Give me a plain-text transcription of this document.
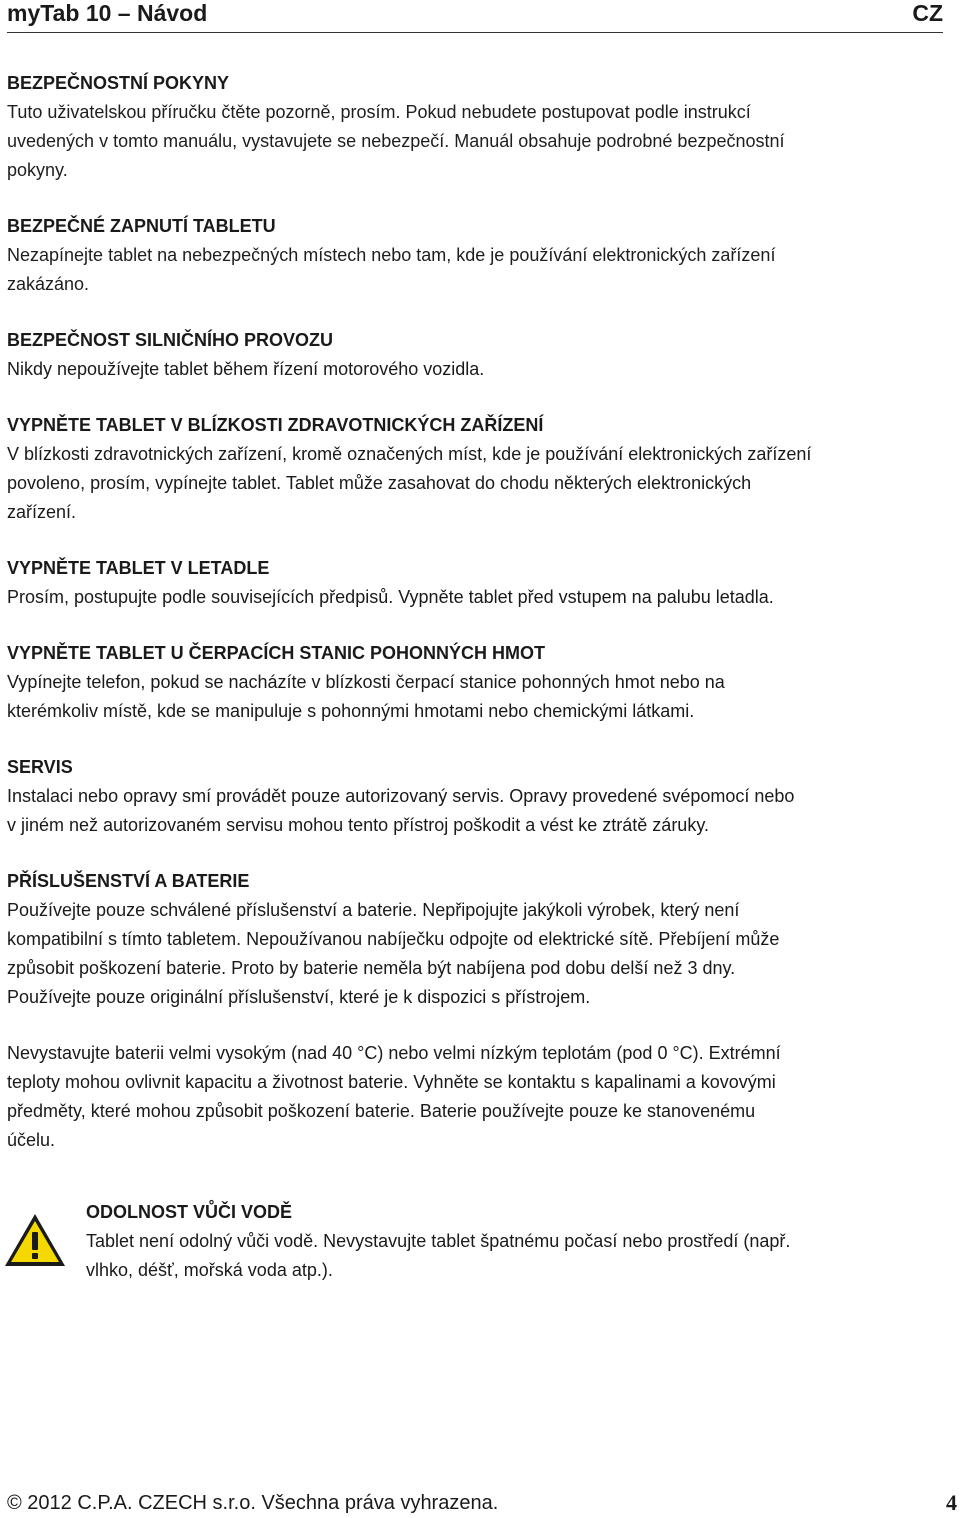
myTab 10 – Návod	CZ
BEZPEČNOSTNÍ POKYNY
Tuto uživatelskou příručku čtěte pozorně, prosím. Pokud nebudete postupovat podle instrukcí
uvedených v tomto manuálu, vystavujete se nebezpečí. Manuál obsahuje podrobné bezpečnostní
pokyny.
BEZPEČNÉ ZAPNUTÍ TABLETU
Nezapínejte tablet na nebezpečných místech nebo tam, kde je používání elektronických zařízení
zakázáno.
BEZPEČNOST SILNIČNÍHO PROVOZU
Nikdy nepoužívejte tablet během řízení motorového vozidla.
VYPNĚTE TABLET V BLÍZKOSTI ZDRAVOTNICKÝCH ZAŘÍZENÍ
V blízkosti zdravotnických zařízení, kromě označených míst, kde je používání elektronických zařízení
povoleno, prosím, vypínejte tablet. Tablet může zasahovat do chodu některých elektronických
zařízení.
VYPNĚTE TABLET V LETADLE
Prosím, postupujte podle souvisejících předpisů. Vypněte tablet před vstupem na palubu letadla.
VYPNĚTE TABLET U ČERPACÍCH STANIC POHONNÝCH HMOT
Vypínejte telefon, pokud se nacházíte v blízkosti čerpací stanice pohonných hmot nebo na
kterémkoliv místě, kde se manipuluje s pohonnými hmotami nebo chemickými látkami.
SERVIS
Instalaci nebo opravy smí provádět pouze autorizovaný servis. Opravy provedené svépomocí nebo
v jiném než autorizovaném servisu mohou tento přístroj poškodit a vést ke ztrátě záruky.
PŘÍSLUŠENSTVÍ A BATERIE
Používejte pouze schválené příslušenství a baterie. Nepřipojujte jakýkoli výrobek, který není
kompatibilní s tímto tabletem. Nepoužívanou nabíječku odpojte od elektrické sítě. Přebíjení může
způsobit poškození baterie. Proto by baterie neměla být nabíjena pod dobu delší než 3 dny.
Používejte pouze originální příslušenství, které je k dispozici s přístrojem.
Nevystavujte baterii velmi vysokým (nad 40 °C) nebo velmi nízkým teplotám (pod 0 °C). Extrémní
teploty mohou ovlivnit kapacitu a životnost baterie. Vyhněte se kontaktu s kapalinami a kovovými
předměty, které mohou způsobit poškození baterie. Baterie používejte pouze ke stanovenému
účelu.
ODOLNOST VŮČI VODĚ
Tablet není odolný vůči vodě. Nevystavujte tablet špatnému počasí nebo prostředí (např.
vlhko, déšť, mořská voda atp.).
© 2012 C.P.A. CZECH s.r.o. Všechna práva vyhrazena.	4
